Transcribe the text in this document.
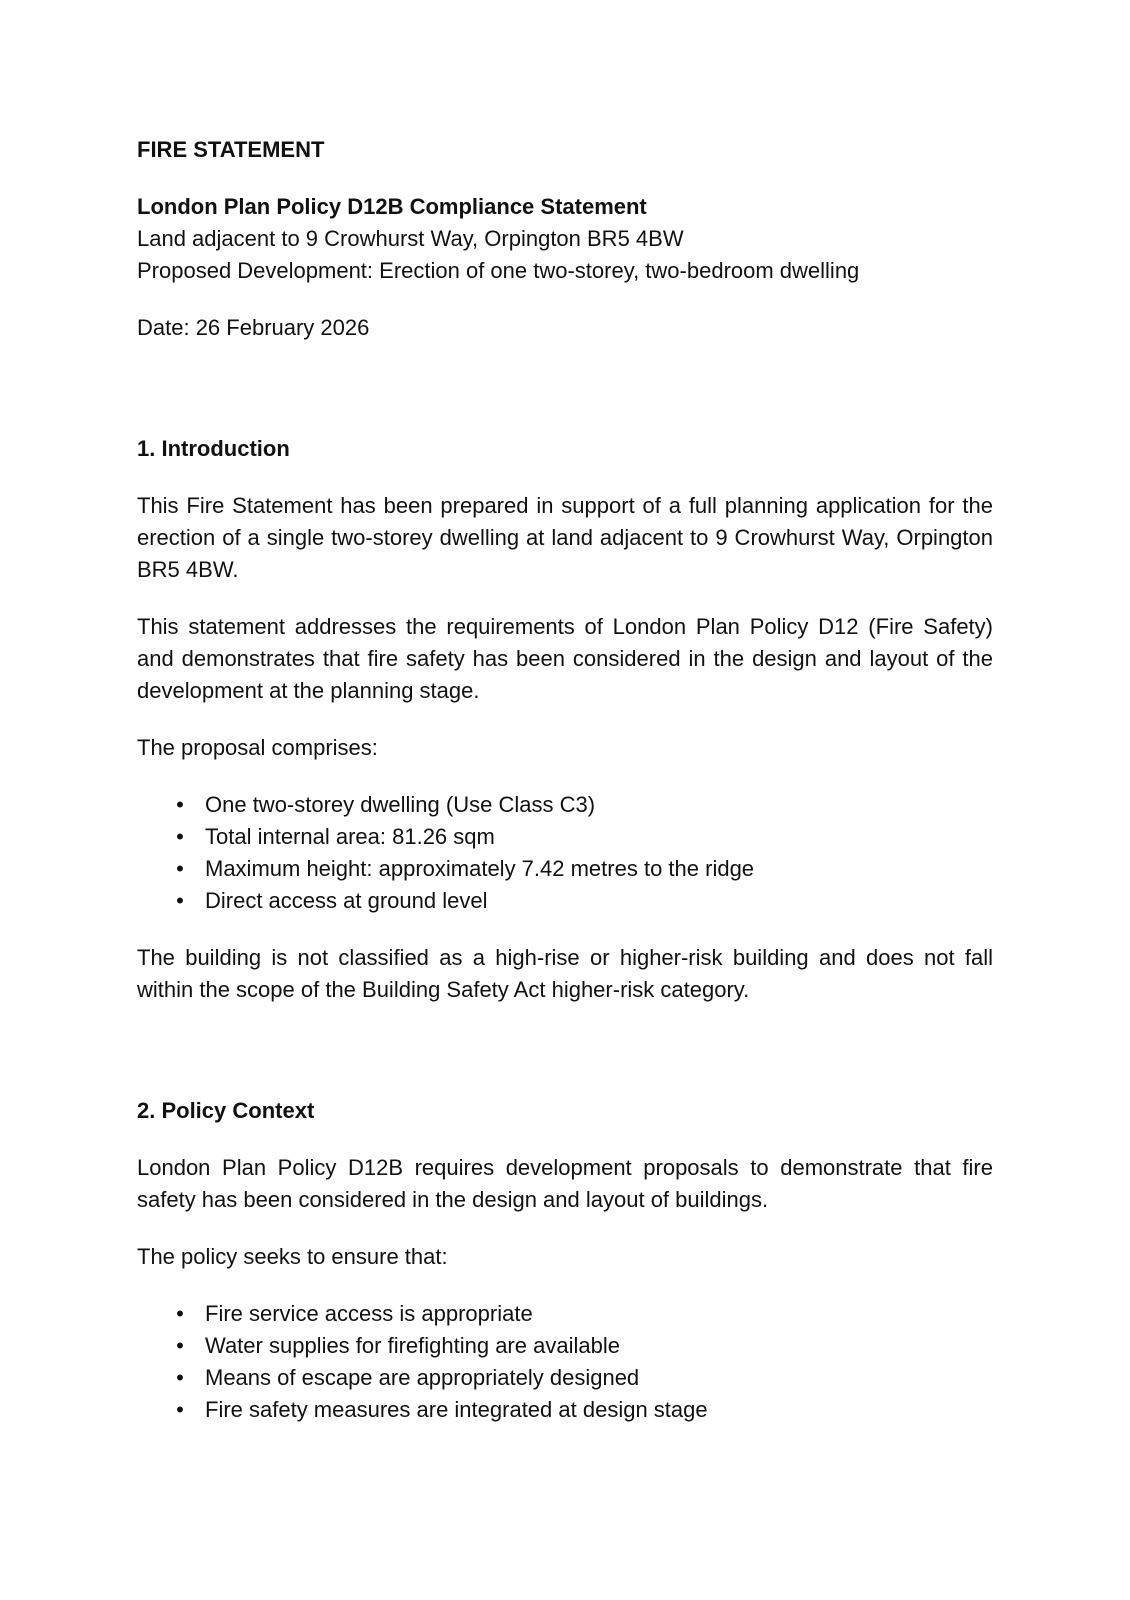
FIRE STATEMENT

London Plan Policy D12B Compliance Statement

Land adjacent to 9 Crowhurst Way, Orpington BR5 4BW

Proposed Development: Erection of one two-storey, two-bedroom dwelling

Date: 26 February 2026

1. Introduction

This Fire Statement has been prepared in support of a full planning application for the erection of a single two-storey dwelling at land adjacent to 9 Crowhurst Way, Orpington BR5 4BW.

This statement addresses the requirements of London Plan Policy D12 (Fire Safety) and demonstrates that fire safety has been considered in the design and layout of the development at the planning stage.

The proposal comprises:

• One two-storey dwelling (Use Class C3)
• Total internal area: 81.26 sqm
• Maximum height: approximately 7.42 metres to the ridge
• Direct access at ground level

The building is not classified as a high-rise or higher-risk building and does not fall within the scope of the Building Safety Act higher-risk category.

2. Policy Context

London Plan Policy D12B requires development proposals to demonstrate that fire safety has been considered in the design and layout of buildings.

The policy seeks to ensure that:

• Fire service access is appropriate
• Water supplies for firefighting are available
• Means of escape are appropriately designed
• Fire safety measures are integrated at design stage
